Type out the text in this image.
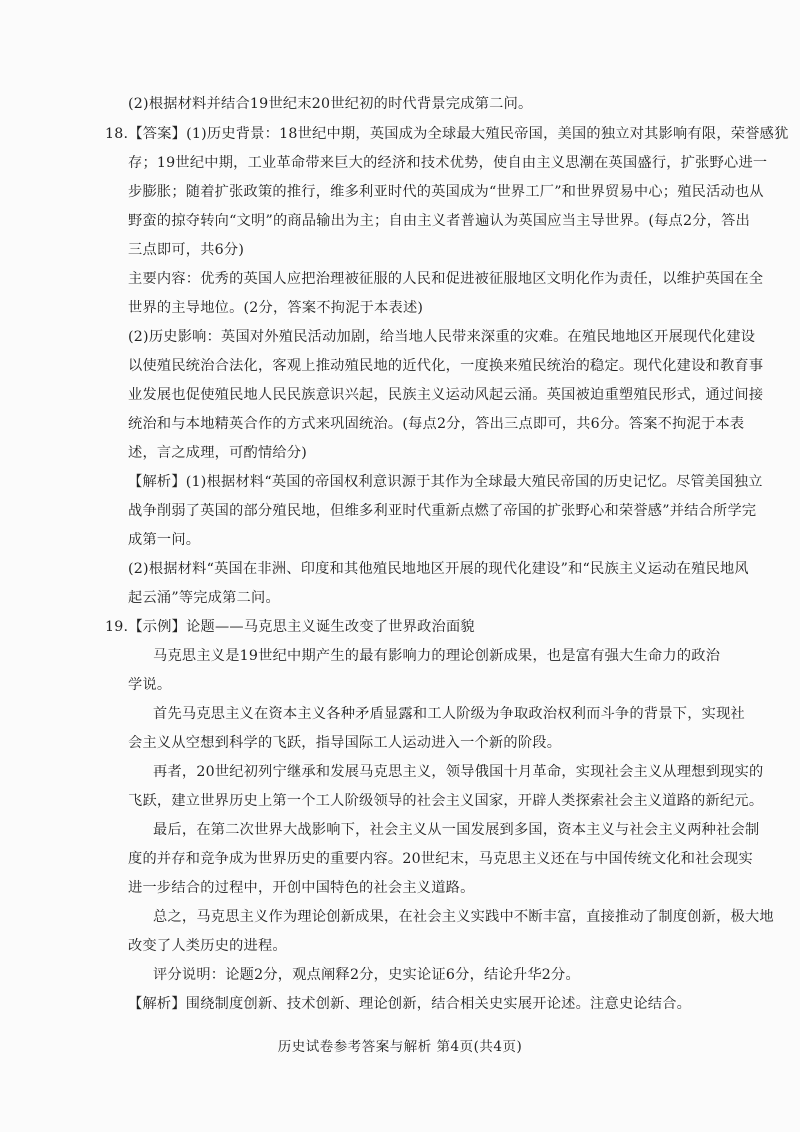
(2)根据材料并结合19世纪末20世纪初的时代背景完成第二问。
18.【答案】(1)历史背景：18世纪中期，英国成为全球最大殖民帝国，美国的独立对其影响有限，荣誉感犹
存；19世纪中期，工业革命带来巨大的经济和技术优势，使自由主义思潮在英国盛行，扩张野心进一
步膨胀；随着扩张政策的推行，维多利亚时代的英国成为“世界工厂”和世界贸易中心；殖民活动也从
野蛮的掠夺转向“文明”的商品输出为主；自由主义者普遍认为英国应当主导世界。(每点2分，答出
三点即可，共6分)
主要内容：优秀的英国人应把治理被征服的人民和促进被征服地区文明化作为责任，以维护英国在全
世界的主导地位。(2分，答案不拘泥于本表述)
(2)历史影响：英国对外殖民活动加剧，给当地人民带来深重的灾难。在殖民地地区开展现代化建设
以使殖民统治合法化，客观上推动殖民地的近代化，一度换来殖民统治的稳定。现代化建设和教育事
业发展也促使殖民地人民民族意识兴起，民族主义运动风起云涌。英国被迫重塑殖民形式，通过间接
统治和与本地精英合作的方式来巩固统治。(每点2分，答出三点即可，共6分。答案不拘泥于本表
述，言之成理，可酌情给分)
【解析】(1)根据材料“英国的帝国权利意识源于其作为全球最大殖民帝国的历史记忆。尽管美国独立
战争削弱了英国的部分殖民地，但维多利亚时代重新点燃了帝国的扩张野心和荣誉感”并结合所学完
成第一问。
(2)根据材料“英国在非洲、印度和其他殖民地地区开展的现代化建设”和“民族主义运动在殖民地风
起云涌”等完成第二问。
19.【示例】论题——马克思主义诞生改变了世界政治面貌
马克思主义是19世纪中期产生的最有影响力的理论创新成果，也是富有强大生命力的政治
学说。
首先马克思主义在资本主义各种矛盾显露和工人阶级为争取政治权利而斗争的背景下，实现社
会主义从空想到科学的飞跃，指导国际工人运动进入一个新的阶段。
再者，20世纪初列宁继承和发展马克思主义，领导俄国十月革命，实现社会主义从理想到现实的
飞跃，建立世界历史上第一个工人阶级领导的社会主义国家，开辟人类探索社会主义道路的新纪元。
最后，在第二次世界大战影响下，社会主义从一国发展到多国，资本主义与社会主义两种社会制
度的并存和竞争成为世界历史的重要内容。20世纪末，马克思主义还在与中国传统文化和社会现实
进一步结合的过程中，开创中国特色的社会主义道路。
总之，马克思主义作为理论创新成果，在社会主义实践中不断丰富，直接推动了制度创新，极大地
改变了人类历史的进程。
评分说明：论题2分，观点阐释2分，史实论证6分，结论升华2分。
【解析】围绕制度创新、技术创新、理论创新，结合相关史实展开论述。注意史论结合。
历史试卷参考答案与解析 第4页(共4页)
